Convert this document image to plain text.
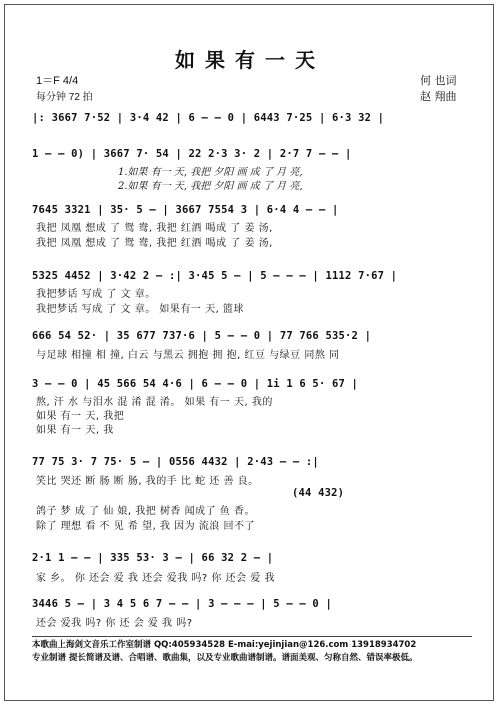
如果有一天
1＝F 4/4
每分钟 72 拍
何 也词
赵 翔曲
|: 3667 7·52 | 3·4 42 | 6 — — 0 | 6443 7·25 | 6·3 32 |
1 — — 0) | 3667 7· 54 | 22 2·3 3· 2 | 2·7 7 — — |
1.如果 有一 天, 我把 夕阳 画 成 了 月 亮,
2.如果 有一 天, 我把 夕阳 画 成 了 月 亮,
7645 3321 | 35· 5 — | 3667 7554 3 | 6·4 4 — — |
我把 凤凰 想成 了 鸳 鸯, 我把 红酒 喝成 了 姜 汤,
我把 凤凰 想成 了 鸳 鸯, 我把 红酒 喝成 了 姜 汤,
5325 4452 | 3·42 2 — :| 3·45 5 — | 5 — — — | 1112 7·67 |
我把梦话 写成 了 文 章。
我把梦话 写成 了 文 章。 如果有一 天, 篮球
666 54 52· | 35 677 737·6 | 5 — — 0 | 77 766 535·2 |
与足球 相撞 相 撞, 白云 与黑云 拥抱 拥 抱, 红豆 与绿豆 同熬 同
3 — — 0 | 45 566 54 4·6 | 6 — — 0 | 1i 1 6 5· 67 |
熬, 汗 水 与泪水 混 淆 混 淆。 如果 有一 天, 我的
如果 有一 天, 我把
如果 有一 天, 我
77 75 3· 7 75· 5 — | 0556 4432 | 2·43 — — :|
笑比 哭还 断 肠 断 肠, 我的手 比 蛇 还 善 良。
(44 432)
鸽子 梦 成 了 仙 娘, 我把 树香 闻成了 鱼 香。
除了 理想 看 不 见 希 望, 我 因为 流浪 回不了
2·1 1 — — | 335 53· 3 — | 66 32 2 — |
家 乡。 你 还会 爱 我 还会 爱我 吗? 你 还会 爱 我
3446 5 — | 3 4 5 6 7 — — | 3 — — — | 5 — — 0 |
还会 爱我 吗? 你 还 会 爱 我 吗?
本歌曲上海剑文音乐工作室制谱 QQ:405934528 E-mai:yejinjian@126.com 13918934702
专业制谱 提长简谱及谱、合唱谱、歌曲集，以及专业歌曲谱制谱。谱面美观、匀称自然、错误率极低。
